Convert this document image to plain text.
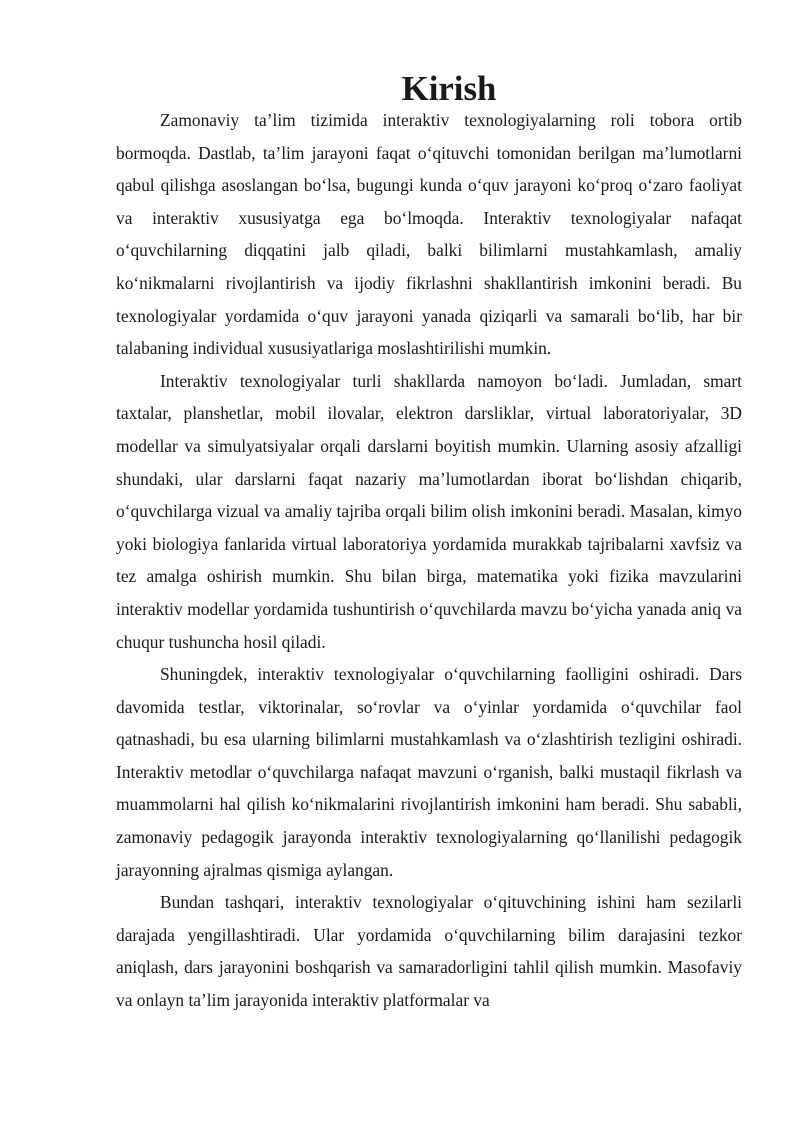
Kirish

Zamonaviy ta’lim tizimida interaktiv texnologiyalarning roli tobora ortib bormoqda. Dastlab, ta’lim jarayoni faqat o‘qituvchi tomonidan berilgan ma’lumotlarni qabul qilishga asoslangan bo‘lsa, bugungi kunda o‘quv jarayoni ko‘proq o‘zaro faoliyat va interaktiv xususiyatga ega bo‘lmoqda. Interaktiv texnologiyalar nafaqat o‘quvchilarning diqqatini jalb qiladi, balki bilimlarni mustahkamlash, amaliy ko‘nikmalarni rivojlantirish va ijodiy fikrlashni shakllantirish imkonini beradi. Bu texnologiyalar yordamida o‘quv jarayoni yanada qiziqarli va samarali bo‘lib, har bir talabaning individual xususiyatlariga moslashtirilishi mumkin.

Interaktiv texnologiyalar turli shakllarda namoyon bo‘ladi. Jumladan, smart taxtalar, planshetlar, mobil ilovalar, elektron darsliklar, virtual laboratoriyalar, 3D modellar va simulyatsiyalar orqali darslarni boyitish mumkin. Ularning asosiy afzalligi shundaki, ular darslarni faqat nazariy ma’lumotlardan iborat bo‘lishdan chiqarib, o‘quvchilarga vizual va amaliy tajriba orqali bilim olish imkonini beradi. Masalan, kimyo yoki biologiya fanlarida virtual laboratoriya yordamida murakkab tajribalarni xavfsiz va tez amalga oshirish mumkin. Shu bilan birga, matematika yoki fizika mavzularini interaktiv modellar yordamida tushuntirish o‘quvchilarda mavzu bo‘yicha yanada aniq va chuqur tushuncha hosil qiladi.

Shuningdek, interaktiv texnologiyalar o‘quvchilarning faolligini oshiradi. Dars davomida testlar, viktorinalar, so‘rovlar va o‘yinlar yordamida o‘quvchilar faol qatnashadi, bu esa ularning bilimlarni mustahkamlash va o‘zlashtirish tezligini oshiradi. Interaktiv metodlar o‘quvchilarga nafaqat mavzuni o‘rganish, balki mustaqil fikrlash va muammolarni hal qilish ko‘nikmalarini rivojlantirish imkonini ham beradi. Shu sababli, zamonaviy pedagogik jarayonda interaktiv texnologiyalarning qo‘llanilishi pedagogik jarayonning ajralmas qismiga aylangan.

Bundan tashqari, interaktiv texnologiyalar o‘qituvchining ishini ham sezilarli darajada yengillashtiradi. Ular yordamida o‘quvchilarning bilim darajasini tezkor aniqlash, dars jarayonini boshqarish va samaradorligini tahlil qilish mumkin. Masofaviy va onlayn ta’lim jarayonida interaktiv platformalar va
